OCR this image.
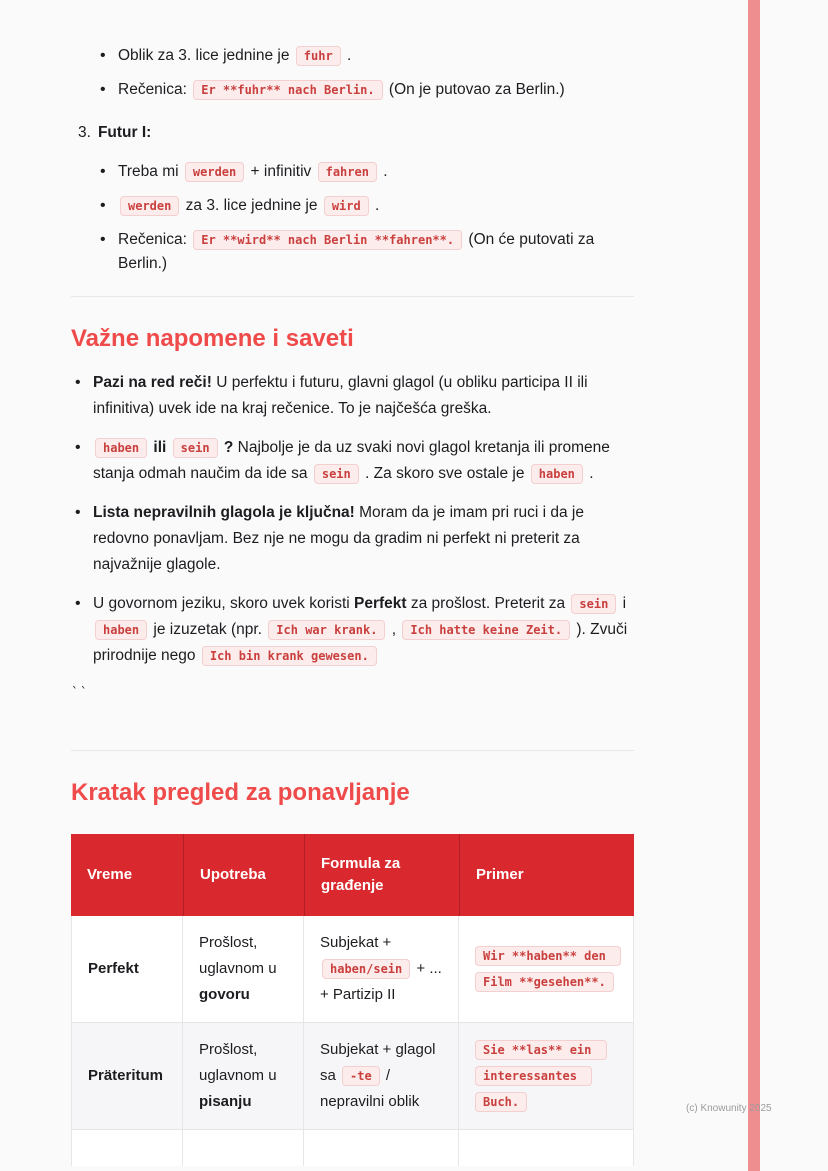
• Oblik za 3. lice jednine je fuhr .
• Rečenica: Er **fuhr** nach Berlin. (On je putovao za Berlin.)
3. Futur I:
• Treba mi werden + infinitiv fahren .
• werden za 3. lice jednine je wird .
• Rečenica: Er **wird** nach Berlin **fahren**. (On će putovati za Berlin.)
Važne napomene i saveti
• Pazi na red reči! U perfektu i futuru, glavni glagol (u obliku participa II ili infinitiva) uvek ide na kraj rečenice. To je najčešća greška.
• haben ili sein ? Najbolje je da uz svaki novi glagol kretanja ili promene stanja odmah naučim da ide sa sein . Za skoro sve ostale je haben .
• Lista nepravilnih glagola je ključna! Moram da je imam pri ruci i da je redovno ponavljam. Bez nje ne mogu da gradim ni perfekt ni preterit za najvažnije glagole.
• U govornom jeziku, skoro uvek koristi Perfekt za prošlost. Preterit za sein i haben je izuzetak (npr. Ich war krank. , Ich hatte keine Zeit. ). Zvuči prirodnije nego Ich bin krank gewesen.

``

Kratak pregled za ponavljanje
Vreme	Upotreba	Formula za građenje	Primer
Perfekt	Prošlost, uglavnom u govoru	Subjekat + haben/sein + ... + Partizip II	Wir **haben** den Film **gesehen**.
Präteritum	Prošlost, uglavnom u pisanju	Subjekat + glagol sa -te / nepravilni oblik	Sie **las** ein interessantes Buch.
				(c) Knowunity 2025
